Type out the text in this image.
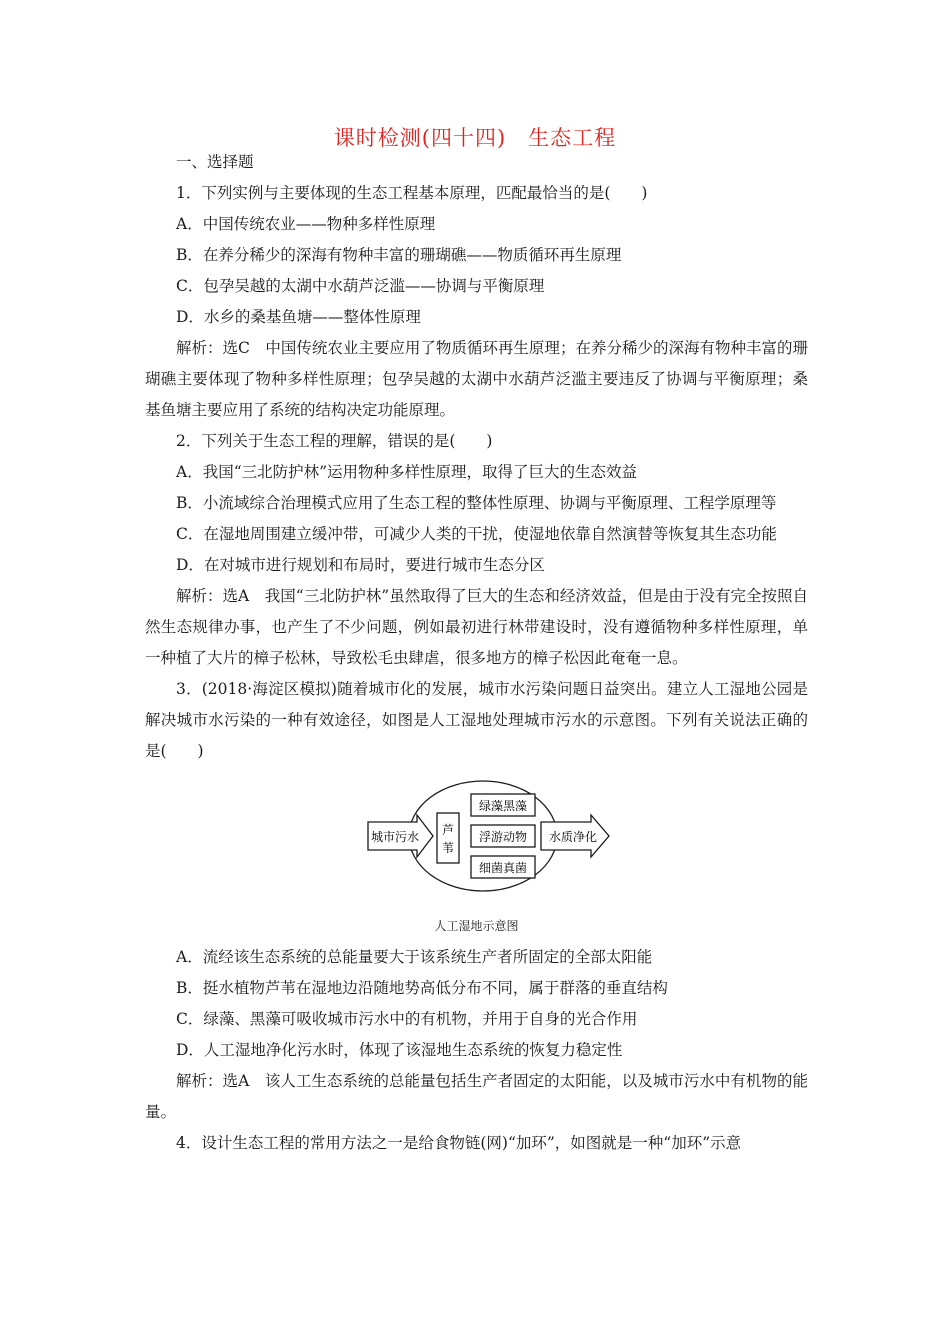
课时检测(四十四)　生态工程

一、选择题

1．下列实例与主要体现的生态工程基本原理，匹配最恰当的是(　　)

A．中国传统农业——物种多样性原理

B．在养分稀少的深海有物种丰富的珊瑚礁——物质循环再生原理

C．包孕吴越的太湖中水葫芦泛滥——协调与平衡原理

D．水乡的桑基鱼塘——整体性原理

解析：选C　中国传统农业主要应用了物质循环再生原理；在养分稀少的深海有物种丰富的珊瑚礁主要体现了物种多样性原理；包孕吴越的太湖中水葫芦泛滥主要违反了协调与平衡原理；桑基鱼塘主要应用了系统的结构决定功能原理。

2．下列关于生态工程的理解，错误的是(　　)

A．我国“三北防护林”运用物种多样性原理，取得了巨大的生态效益

B．小流域综合治理模式应用了生态工程的整体性原理、协调与平衡原理、工程学原理等

C．在湿地周围建立缓冲带，可减少人类的干扰，使湿地依靠自然演替等恢复其生态功能

D．在对城市进行规划和布局时，要进行城市生态分区

解析：选A　我国“三北防护林”虽然取得了巨大的生态和经济效益，但是由于没有完全按照自然生态规律办事，也产生了不少问题，例如最初进行林带建设时，没有遵循物种多样性原理，单一种植了大片的樟子松林，导致松毛虫肆虐，很多地方的樟子松因此奄奄一息。

3．(2018·海淀区模拟)随着城市化的发展，城市水污染问题日益突出。建立人工湿地公园是解决城市水污染的一种有效途径，如图是人工湿地处理城市污水的示意图。下列有关说法正确的是(　　)

城市污水 芦
苇
绿藻黑藻
浮游动物
细菌真菌
水质净化
人工湿地示意图

A．流经该生态系统的总能量要大于该系统生产者所固定的全部太阳能

B．挺水植物芦苇在湿地边沿随地势高低分布不同，属于群落的垂直结构

C．绿藻、黑藻可吸收城市污水中的有机物，并用于自身的光合作用

D．人工湿地净化污水时，体现了该湿地生态系统的恢复力稳定性

解析：选A　该人工生态系统的总能量包括生产者固定的太阳能，以及城市污水中有机物的能量。

4．设计生态工程的常用方法之一是给食物链(网)“加环”，如图就是一种“加环”示意
